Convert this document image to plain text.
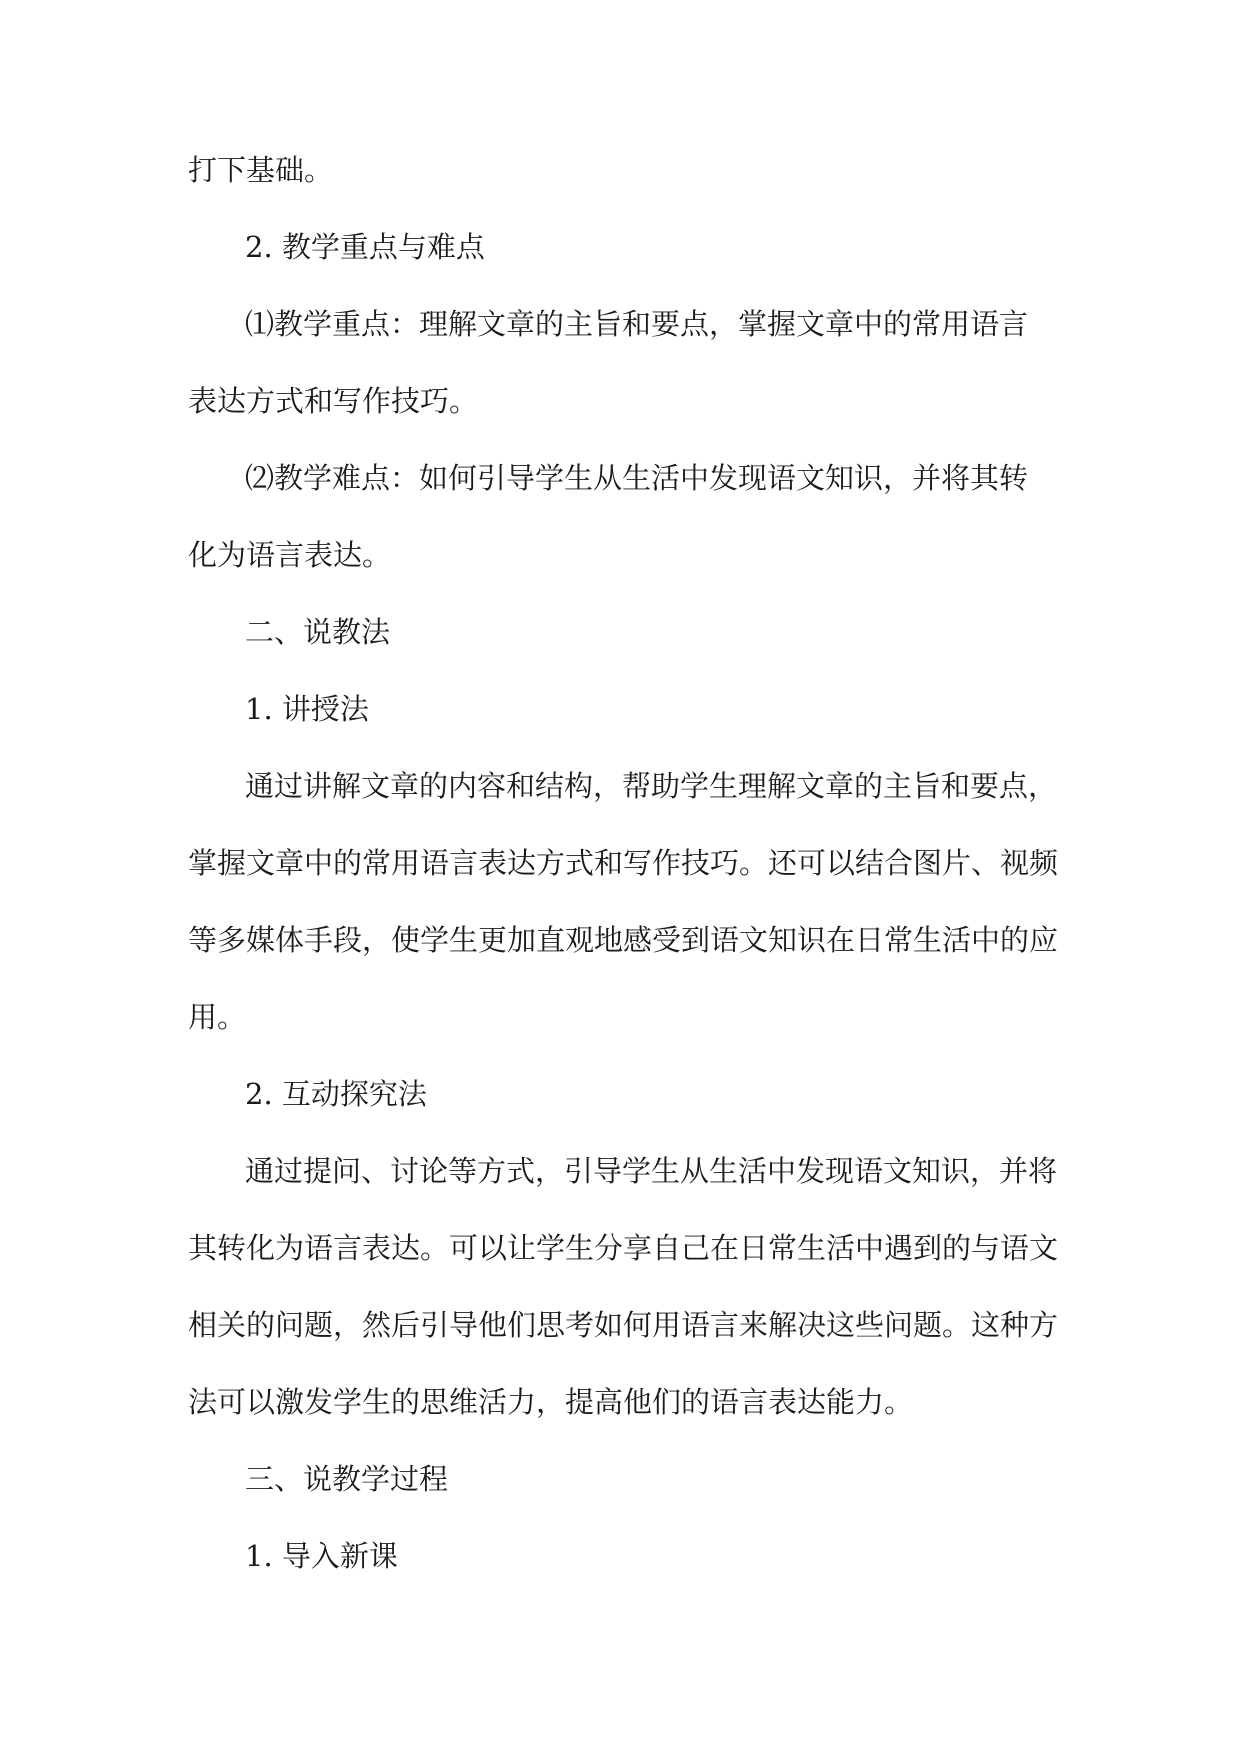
打下基础。
2. 教学重点与难点
⑴教学重点：理解文章的主旨和要点，掌握文章中的常用语言
表达方式和写作技巧。
⑵教学难点：如何引导学生从生活中发现语文知识，并将其转
化为语言表达。
二、说教法
1. 讲授法
通过讲解文章的内容和结构，帮助学生理解文章的主旨和要点，
掌握文章中的常用语言表达方式和写作技巧。还可以结合图片、视频
等多媒体手段，使学生更加直观地感受到语文知识在日常生活中的应
用。
2. 互动探究法
通过提问、讨论等方式，引导学生从生活中发现语文知识，并将
其转化为语言表达。可以让学生分享自己在日常生活中遇到的与语文
相关的问题，然后引导他们思考如何用语言来解决这些问题。这种方
法可以激发学生的思维活力，提高他们的语言表达能力。
三、说教学过程
1. 导入新课
